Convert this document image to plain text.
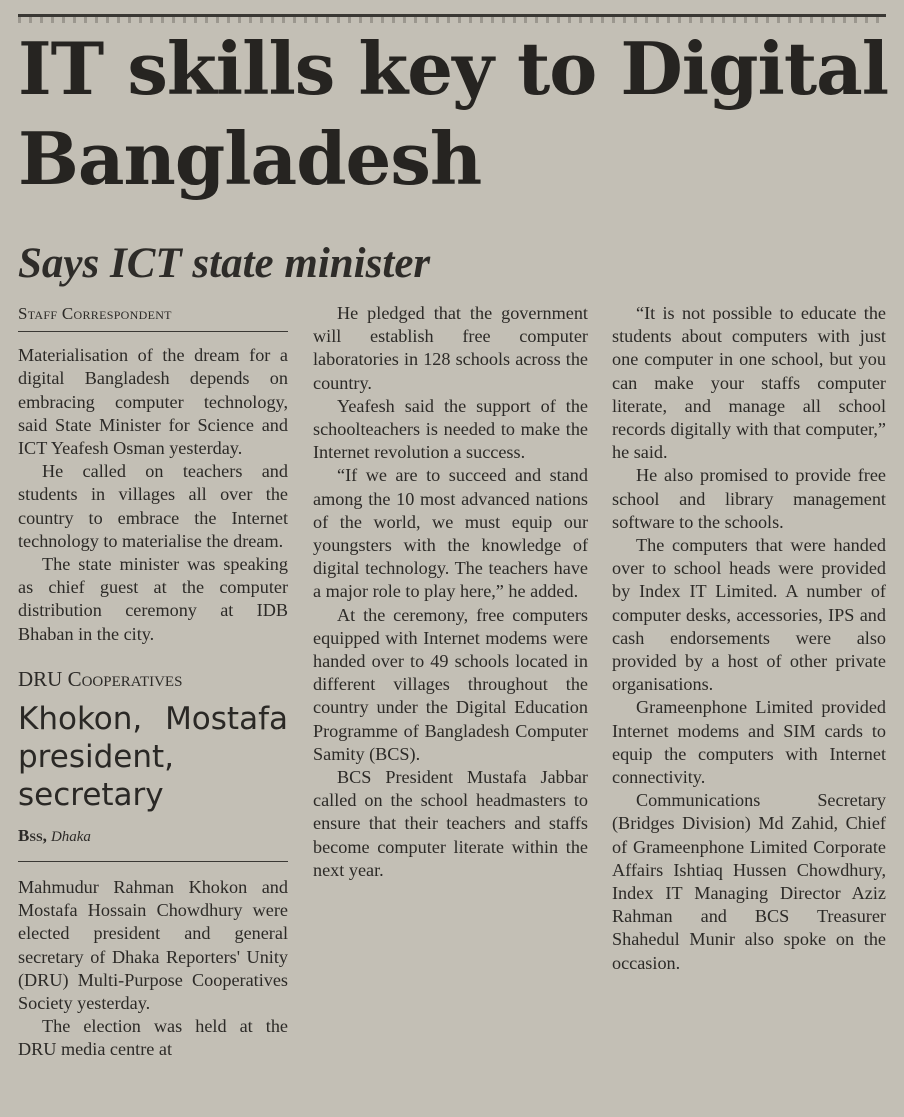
IT skills key to Digital Bangladesh
Says ICT state minister
Staff Correspondent

Materialisation of the dream for a digital Bangladesh depends on embracing computer technology, said State Minister for Science and ICT Yeafesh Osman yesterday.

He called on teachers and students in villages all over the country to embrace the Internet technology to materialise the dream.

The state minister was speaking as chief guest at the computer distribution ceremony at IDB Bhaban in the city.

DRU Cooperatives
Khokon, Mostafa president, secretary
Bss, Dhaka

Mahmudur Rahman Khokon and Mostafa Hossain Chowdhury were elected president and general secretary of Dhaka Reporters' Unity (DRU) Multi-Purpose Cooperatives Society yesterday.

The election was held at the DRU media centre at

He pledged that the government will establish free computer laboratories in 128 schools across the country.

Yeafesh said the support of the schoolteachers is needed to make the Internet revolution a success.

“If we are to succeed and stand among the 10 most advanced nations of the world, we must equip our youngsters with the knowledge of digital technology. The teachers have a major role to play here,” he added.

At the ceremony, free computers equipped with Internet modems were handed over to 49 schools located in different villages throughout the country under the Digital Education Programme of Bangladesh Computer Samity (BCS).

BCS President Mustafa Jabbar called on the school headmasters to ensure that their teachers and staffs become computer literate within the next year.

“It is not possible to educate the students about computers with just one computer in one school, but you can make your staffs computer literate, and manage all school records digitally with that computer,” he said.

He also promised to provide free school and library management software to the schools.

The computers that were handed over to school heads were provided by Index IT Limited. A number of computer desks, accessories, IPS and cash endorsements were also provided by a host of other private organisations.

Grameenphone Limited provided Internet modems and SIM cards to equip the computers with Internet connectivity.

Communications Secretary (Bridges Division) Md Zahid, Chief of Grameenphone Limited Corporate Affairs Ishtiaq Hussen Chowdhury, Index IT Managing Director Aziz Rahman and BCS Treasurer Shahedul Munir also spoke on the occasion.
